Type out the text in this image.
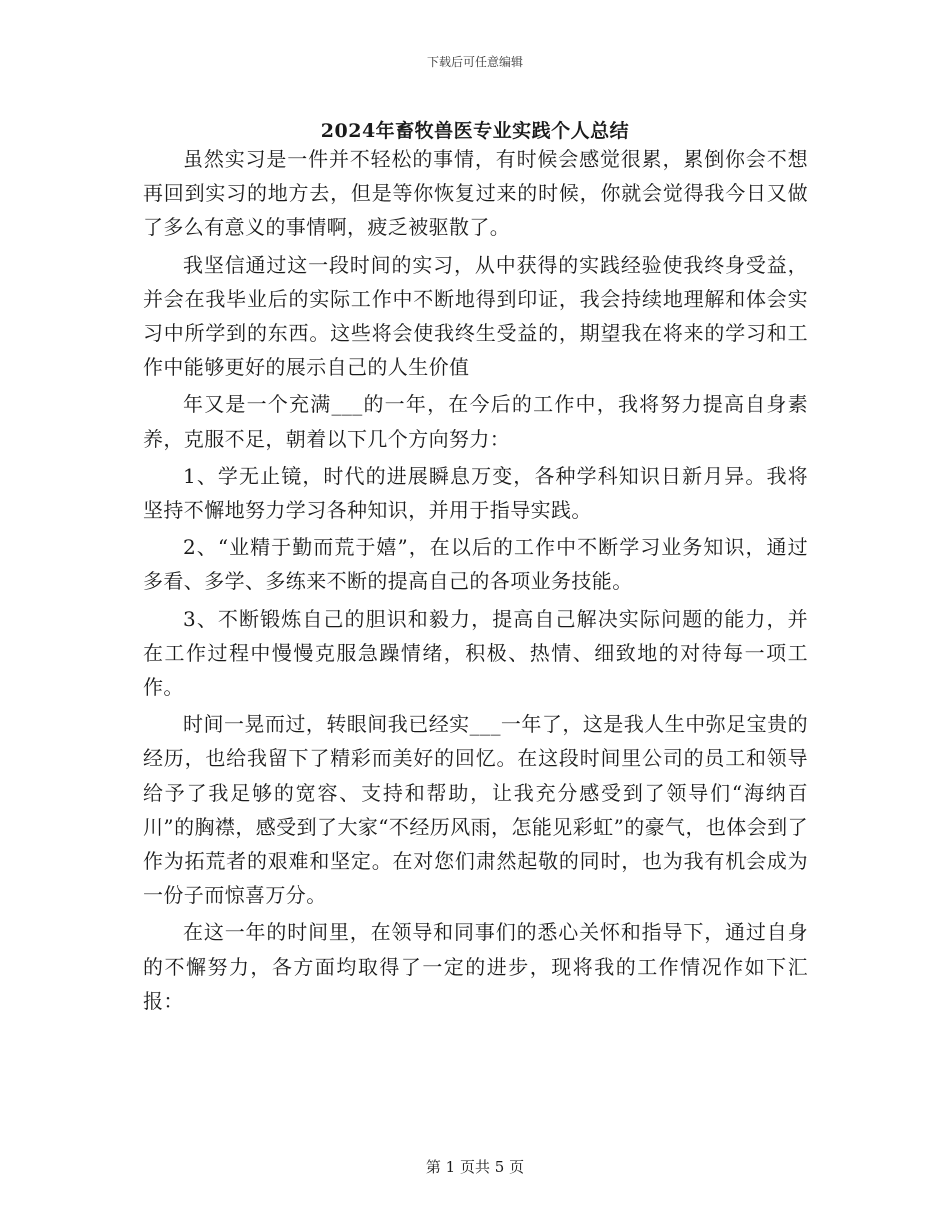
下载后可任意编辑
2024年畜牧兽医专业实践个人总结

虽然实习是一件并不轻松的事情，有时候会感觉很累，累倒你会不想再回到实习的地方去，但是等你恢复过来的时候，你就会觉得我今日又做了多么有意义的事情啊，疲乏被驱散了。

我坚信通过这一段时间的实习，从中获得的实践经验使我终身受益，并会在我毕业后的实际工作中不断地得到印证，我会持续地理解和体会实习中所学到的东西。这些将会使我终生受益的，期望我在将来的学习和工作中能够更好的展示自己的人生价值

年又是一个充满___的一年，在今后的工作中，我将努力提高自身素养，克服不足，朝着以下几个方向努力：

1、学无止镜，时代的进展瞬息万变，各种学科知识日新月异。我将坚持不懈地努力学习各种知识，并用于指导实践。

2、“业精于勤而荒于嬉”，在以后的工作中不断学习业务知识，通过多看、多学、多练来不断的提高自己的各项业务技能。

3、不断锻炼自己的胆识和毅力，提高自己解决实际问题的能力，并在工作过程中慢慢克服急躁情绪，积极、热情、细致地的对待每一项工作。

时间一晃而过，转眼间我已经实___一年了，这是我人生中弥足宝贵的经历，也给我留下了精彩而美好的回忆。在这段时间里公司的员工和领导给予了我足够的宽容、支持和帮助，让我充分感受到了领导们“海纳百川”的胸襟，感受到了大家“不经历风雨，怎能见彩虹”的豪气，也体会到了作为拓荒者的艰难和坚定。在对您们肃然起敬的同时，也为我有机会成为一份子而惊喜万分。

在这一年的时间里，在领导和同事们的悉心关怀和指导下，通过自身的不懈努力，各方面均取得了一定的进步，现将我的工作情况作如下汇报：

第 1 页共 5 页
